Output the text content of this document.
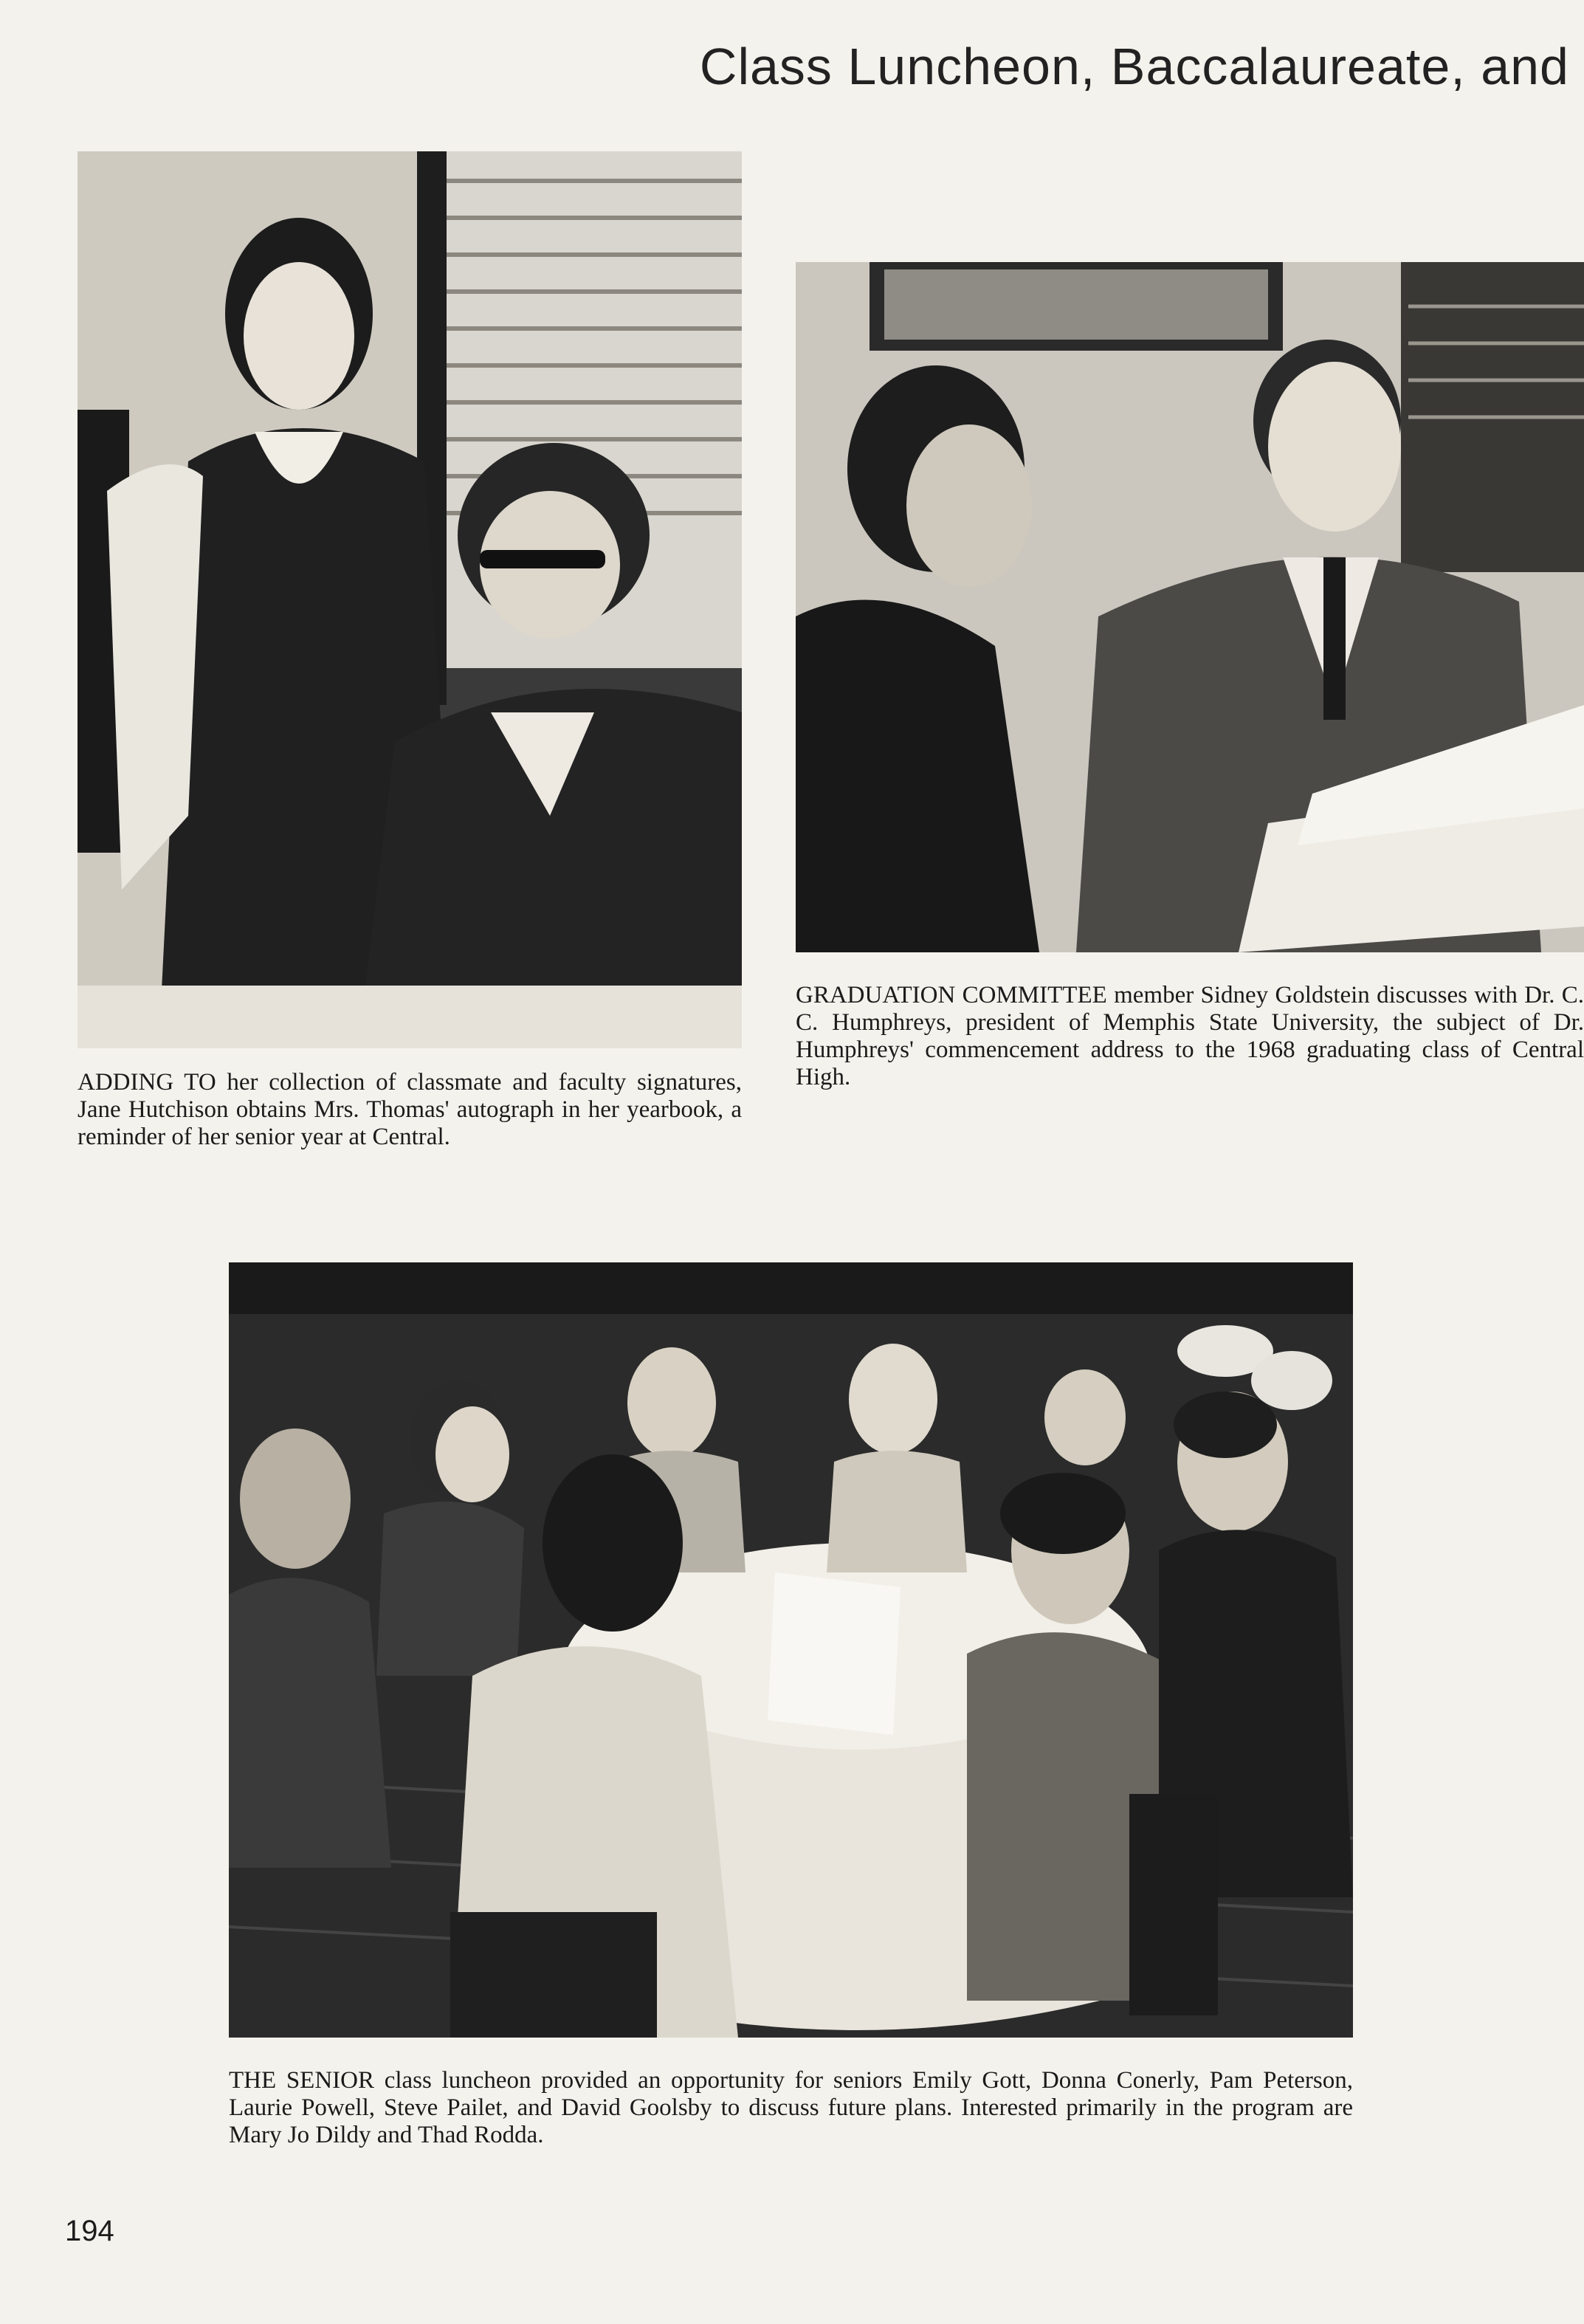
Class Luncheon, Baccalaureate, and
ADDING TO her collection of classmate and faculty signatures, Jane Hutchison obtains Mrs. Thomas' autograph in her yearbook, a reminder of her senior year at Central.
GRADUATION COMMITTEE member Sidney Goldstein discusses with Dr. C. C. Humphreys, president of Memphis State University, the subject of Dr. Humphreys' commencement address to the 1968 graduating class of Central High.
THE SENIOR class luncheon provided an opportunity for seniors Emily Gott, Donna Conerly, Pam Peterson, Laurie Powell, Steve Pailet, and David Goolsby to discuss future plans. Interested primarily in the program are Mary Jo Dildy and Thad Rodda.
194
